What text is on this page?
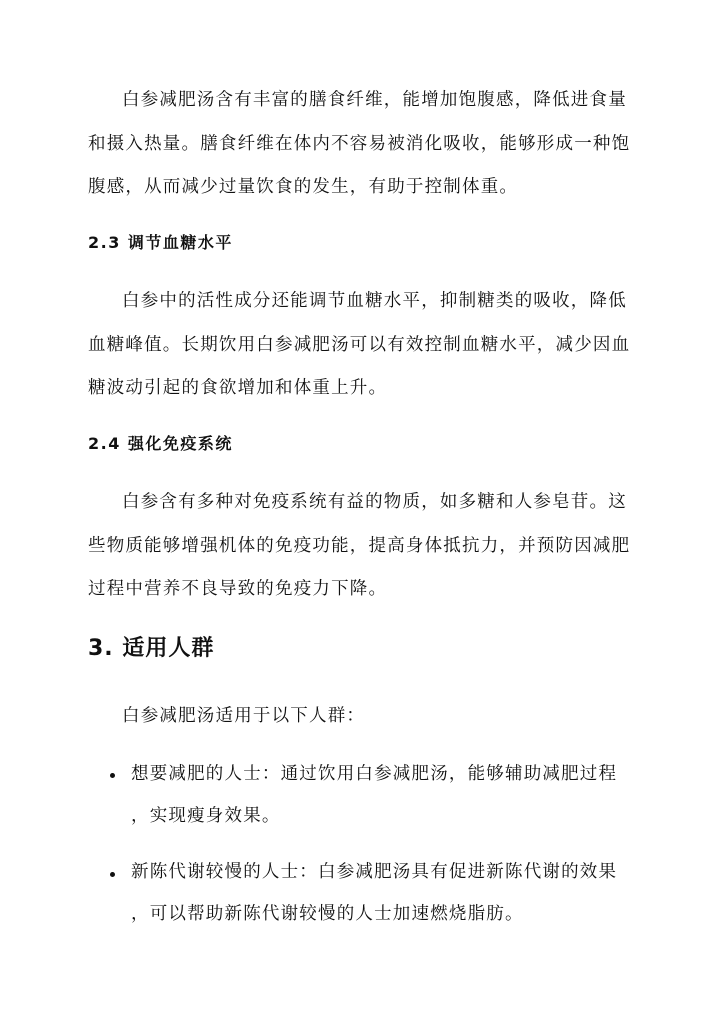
白参减肥汤含有丰富的膳食纤维，能增加饱腹感，降低进食量
和摄入热量。膳食纤维在体内不容易被消化吸收，能够形成一种饱
腹感，从而减少过量饮食的发生，有助于控制体重。
2.3 调节血糖水平
白参中的活性成分还能调节血糖水平，抑制糖类的吸收，降低
血糖峰值。长期饮用白参减肥汤可以有效控制血糖水平，减少因血
糖波动引起的食欲增加和体重上升。
2.4 强化免疫系统
白参含有多种对免疫系统有益的物质，如多糖和人参皂苷。这
些物质能够增强机体的免疫功能，提高身体抵抗力，并预防因减肥
过程中营养不良导致的免疫力下降。
3. 适用人群
白参减肥汤适用于以下人群：
想要减肥的人士：通过饮用白参减肥汤，能够辅助减肥过程
，实现瘦身效果。
新陈代谢较慢的人士：白参减肥汤具有促进新陈代谢的效果
，可以帮助新陈代谢较慢的人士加速燃烧脂肪。
